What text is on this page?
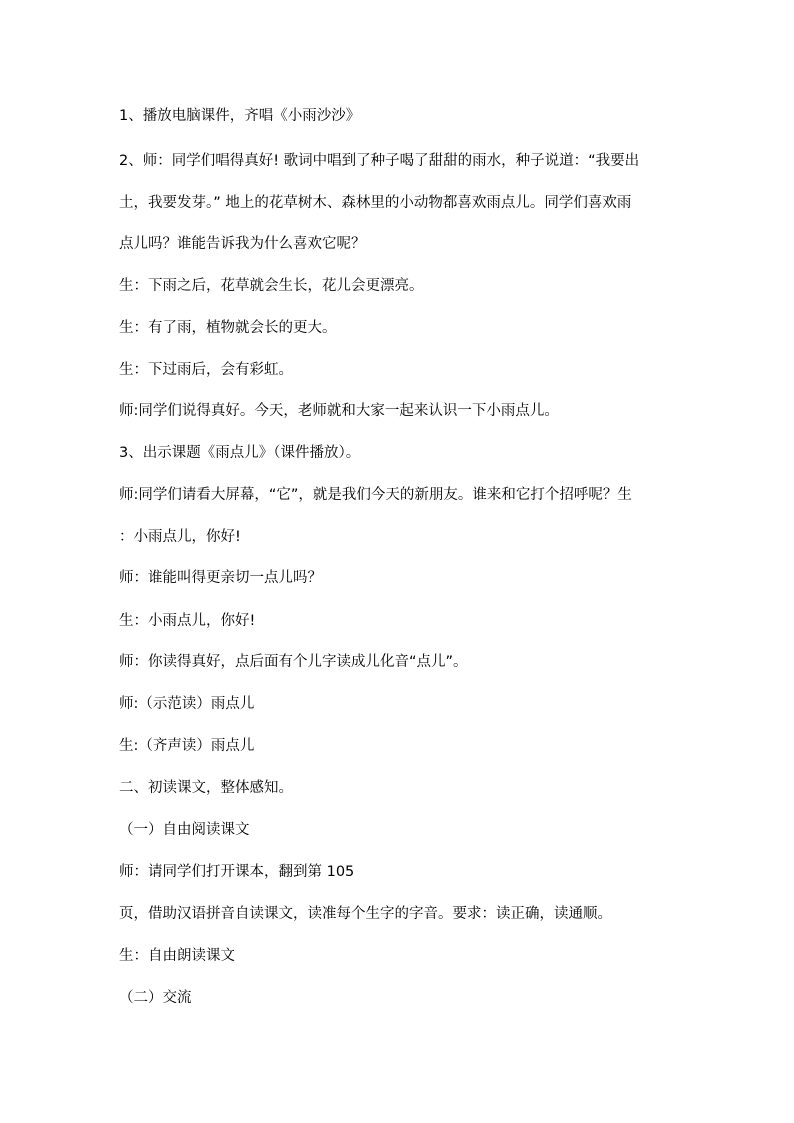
1、播放电脑课件，齐唱《小雨沙沙》
2、师：同学们唱得真好! 歌词中唱到了种子喝了甜甜的雨水，种子说道：“我要出
土，我要发芽。” 地上的花草树木、森林里的小动物都喜欢雨点儿。同学们喜欢雨
点儿吗？谁能告诉我为什么喜欢它呢？
生：下雨之后，花草就会生长，花儿会更漂亮。
生：有了雨，植物就会长的更大。
生：下过雨后，会有彩虹。
师:同学们说得真好。今天，老师就和大家一起来认识一下小雨点儿。
3、出示课题《雨点儿》（课件播放）。
师:同学们请看大屏幕，“它”，就是我们今天的新朋友。谁来和它打个招呼呢？生
：小雨点儿，你好!
师：谁能叫得更亲切一点儿吗？
生：小雨点儿，你好!
师：你读得真好，点后面有个儿字读成儿化音“点儿”。
师:（示范读）雨点儿
生:（齐声读）雨点儿
二、初读课文，整体感知。
（一）自由阅读课文
师：请同学们打开课本，翻到第 105
页，借助汉语拼音自读课文，读准每个生字的字音。要求：读正确，读通顺。
生：自由朗读课文
（二）交流
